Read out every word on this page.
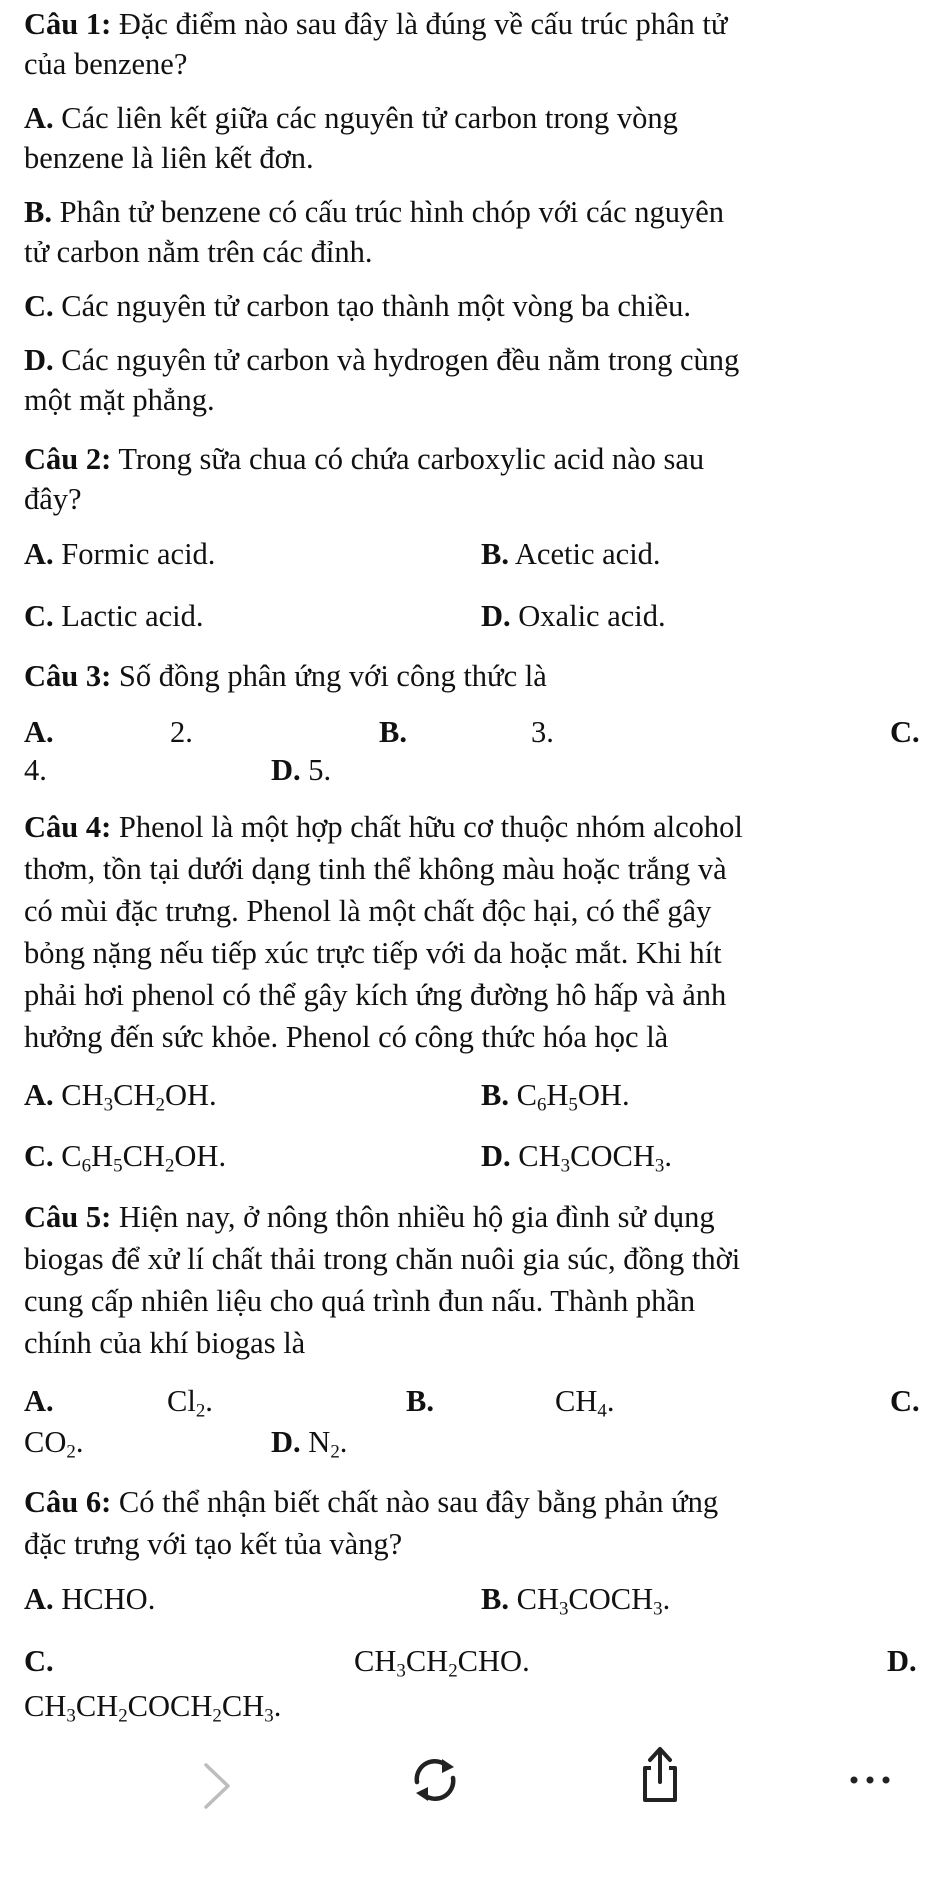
Câu 1: Đặc điểm nào sau đây là đúng về cấu trúc phân tử
của benzene?
A. Các liên kết giữa các nguyên tử carbon trong vòng
benzene là liên kết đơn.
B. Phân tử benzene có cấu trúc hình chóp với các nguyên
tử carbon nằm trên các đỉnh.
C. Các nguyên tử carbon tạo thành một vòng ba chiều.
D. Các nguyên tử carbon và hydrogen đều nằm trong cùng
một mặt phẳng.
Câu 2: Trong sữa chua có chứa carboxylic acid nào sau
đây?
A. Formic acid.	B. Acetic acid.
C. Lactic acid.	D. Oxalic acid.
Câu 3: Số đồng phân ứng với công thức là
A.	2.	B.	3.	C.
4.	D. 5.
Câu 4: Phenol là một hợp chất hữu cơ thuộc nhóm alcohol
thơm, tồn tại dưới dạng tinh thể không màu hoặc trắng và
có mùi đặc trưng. Phenol là một chất độc hại, có thể gây
bỏng nặng nếu tiếp xúc trực tiếp với da hoặc mắt. Khi hít
phải hơi phenol có thể gây kích ứng đường hô hấp và ảnh
hưởng đến sức khỏe. Phenol có công thức hóa học là
A. $CH_3CH_2OH$.	B. $C_6H_5OH$.
C. $C_6H_5CH_2OH$.	D. $CH_3COCH_3$.
Câu 5: Hiện nay, ở nông thôn nhiều hộ gia đình sử dụng
biogas để xử lí chất thải trong chăn nuôi gia súc, đồng thời
cung cấp nhiên liệu cho quá trình đun nấu. Thành phần
chính của khí biogas là
A.	$Cl_2$.	B.	$CH_4$.	C.
$CO_2$.	D. $N_2$.
Câu 6: Có thể nhận biết chất nào sau đây bằng phản ứng
đặc trưng với tạo kết tủa vàng?
A. HCHO.	B. $CH_3COCH_3$.
C.	$CH_3CH_2CHO$.	D.
$CH_3CH_2COCH_2CH_3$.
